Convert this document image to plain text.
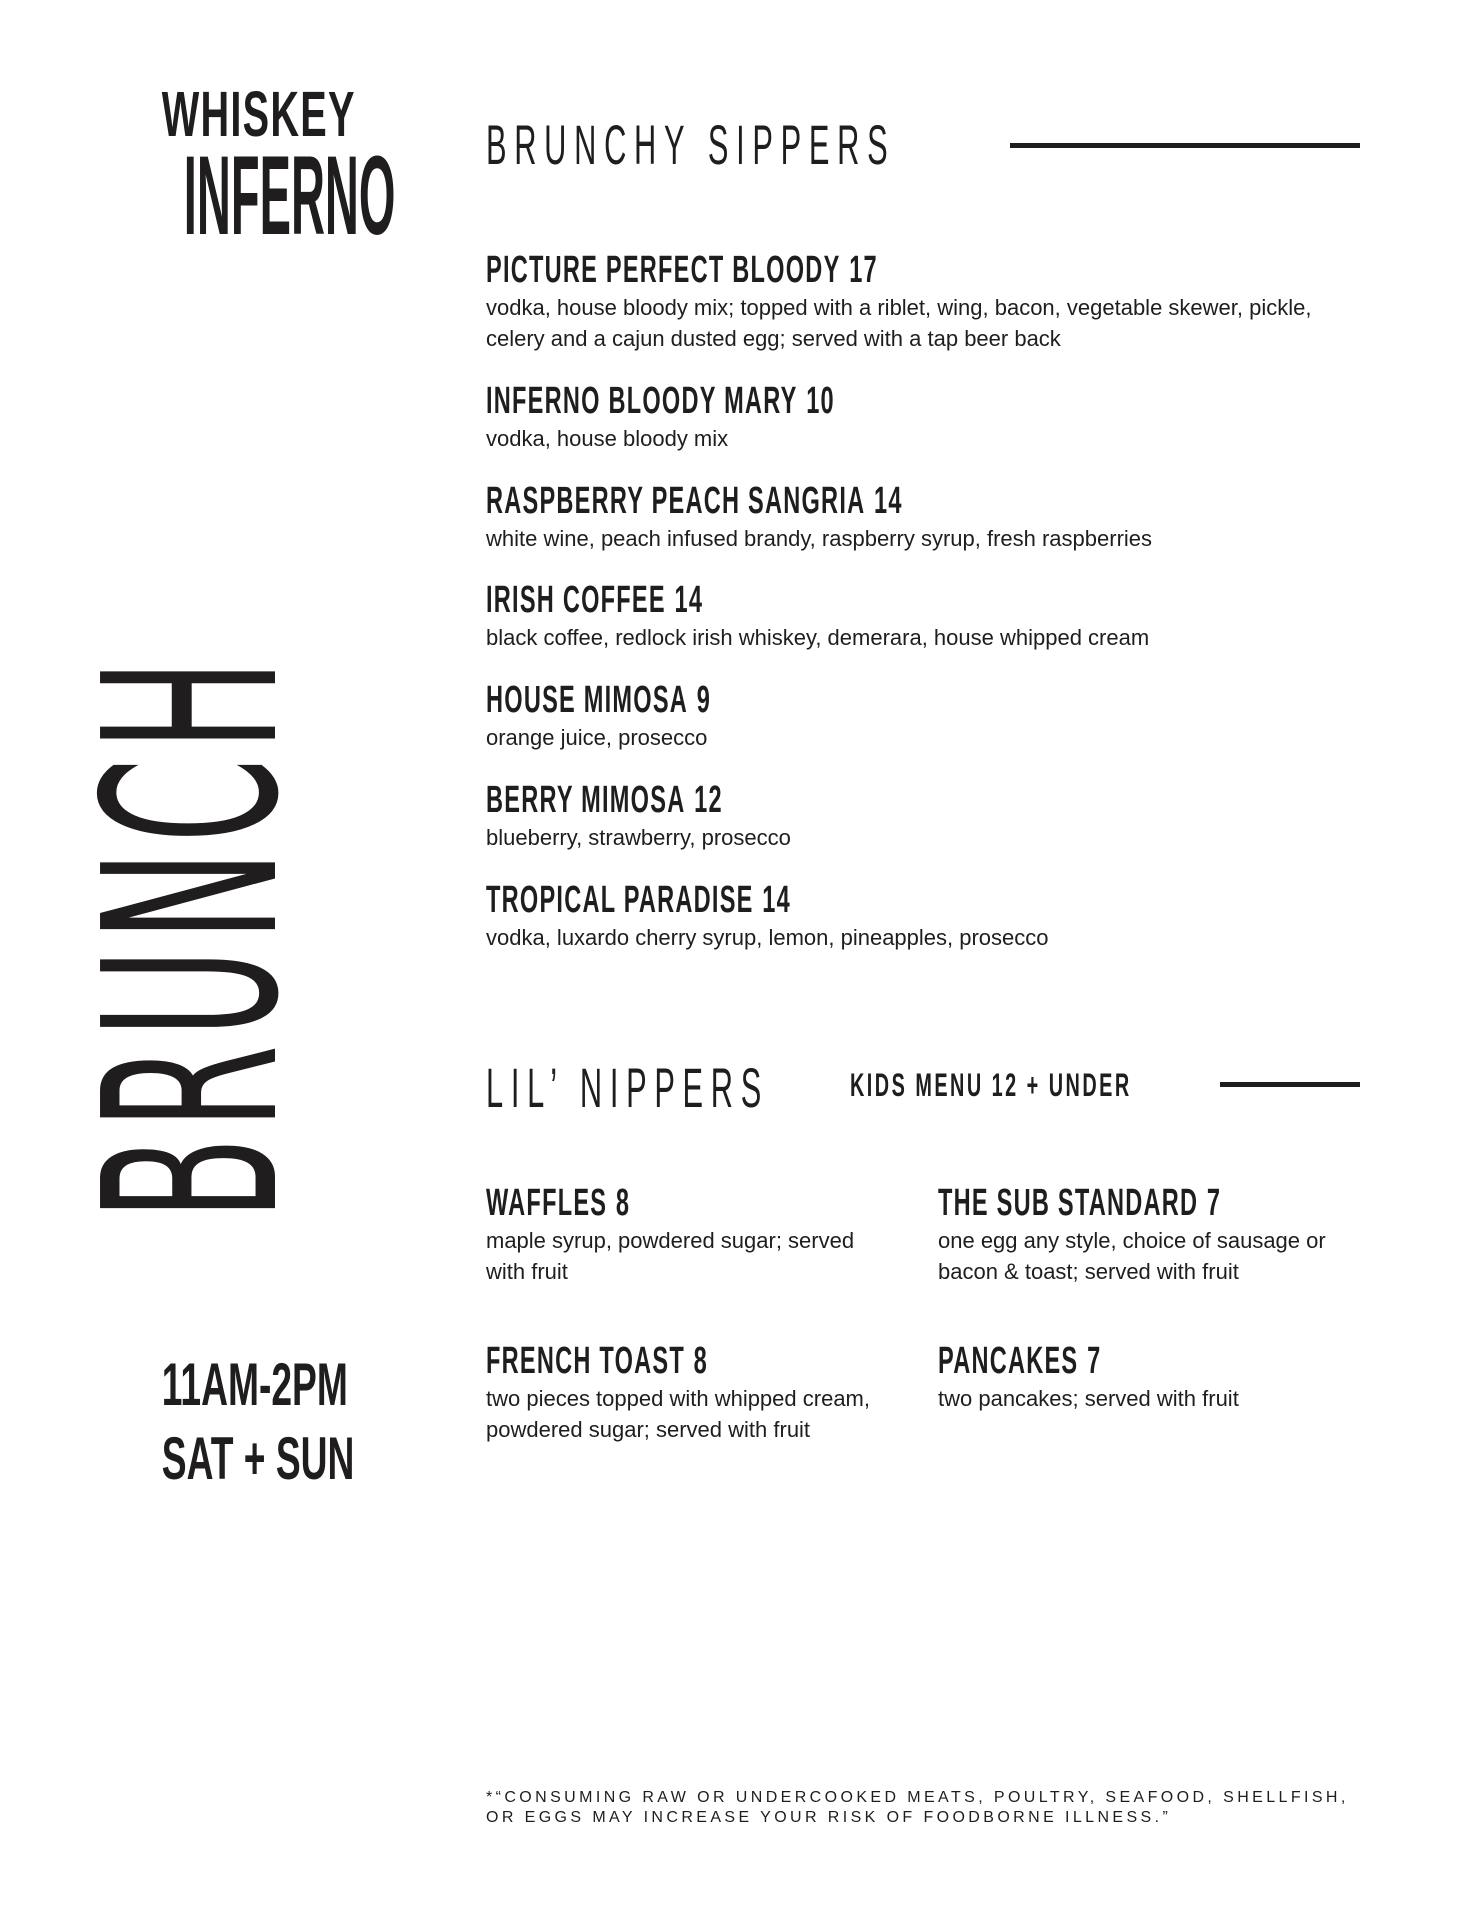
WHISKEY
INFERNO
BRUNCH
11AM-2PM
SAT + SUN
BRUNCHY SIPPERS
PICTURE PERFECT BLOODY 17
vodka, house bloody mix; topped with a riblet, wing, bacon, vegetable skewer, pickle, celery and a cajun dusted egg; served with a tap beer back
INFERNO BLOODY MARY 10
vodka, house bloody mix
RASPBERRY PEACH SANGRIA 14
white wine, peach infused brandy, raspberry syrup, fresh raspberries
IRISH COFFEE 14
black coffee, redlock irish whiskey, demerara, house whipped cream
HOUSE MIMOSA 9
orange juice, prosecco
BERRY MIMOSA 12
blueberry, strawberry, prosecco
TROPICAL PARADISE 14
vodka, luxardo cherry syrup, lemon, pineapples, prosecco
LIL’ NIPPERS	KIDS MENU 12 + UNDER
WAFFLES 8
maple syrup, powdered sugar; served with fruit
THE SUB STANDARD 7
one egg any style, choice of sausage or bacon & toast; served with fruit
FRENCH TOAST 8
two pieces topped with whipped cream, powdered sugar; served with fruit
PANCAKES 7
two pancakes; served with fruit
*“CONSUMING RAW OR UNDERCOOKED MEATS, POULTRY, SEAFOOD, SHELLFISH,
OR EGGS MAY INCREASE YOUR RISK OF FOODBORNE ILLNESS.”
